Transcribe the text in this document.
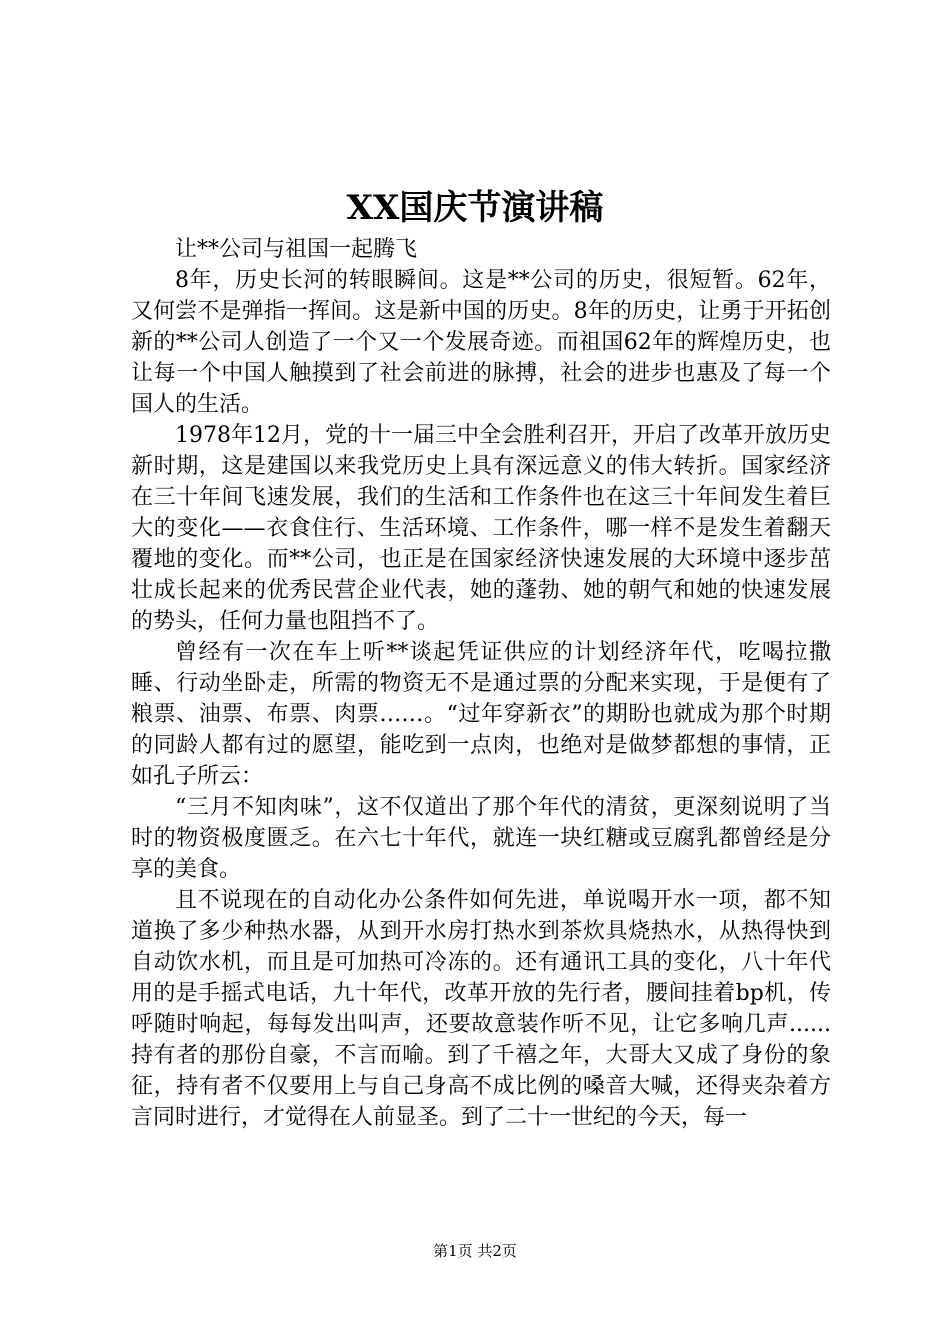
XX国庆节演讲稿

让**公司与祖国一起腾飞

8年，历史长河的转眼瞬间。这是**公司的历史，很短暂。62年，又何尝不是弹指一挥间。这是新中国的历史。8年的历史，让勇于开拓创新的**公司人创造了一个又一个发展奇迹。而祖国62年的辉煌历史，也让每一个中国人触摸到了社会前进的脉搏，社会的进步也惠及了每一个国人的生活。

1978年12月，党的十一届三中全会胜利召开，开启了改革开放历史新时期，这是建国以来我党历史上具有深远意义的伟大转折。国家经济在三十年间飞速发展，我们的生活和工作条件也在这三十年间发生着巨大的变化——衣食住行、生活环境、工作条件，哪一样不是发生着翻天覆地的变化。而**公司，也正是在国家经济快速发展的大环境中逐步茁壮成长起来的优秀民营企业代表，她的蓬勃、她的朝气和她的快速发展的势头，任何力量也阻挡不了。

曾经有一次在车上听**谈起凭证供应的计划经济年代，吃喝拉撒睡、行动坐卧走，所需的物资无不是通过票的分配来实现，于是便有了粮票、油票、布票、肉票……。“过年穿新衣”的期盼也就成为那个时期的同龄人都有过的愿望，能吃到一点肉，也绝对是做梦都想的事情，正如孔子所云：

“三月不知肉味”，这不仅道出了那个年代的清贫，更深刻说明了当时的物资极度匮乏。在六七十年代，就连一块红糖或豆腐乳都曾经是分享的美食。

且不说现在的自动化办公条件如何先进，单说喝开水一项，都不知道换了多少种热水器，从到开水房打热水到茶炊具烧热水，从热得快到自动饮水机，而且是可加热可冷冻的。还有通讯工具的变化，八十年代用的是手摇式电话，九十年代，改革开放的先行者，腰间挂着bp机，传呼随时响起，每每发出叫声，还要故意装作听不见，让它多响几声......持有者的那份自豪，不言而喻。到了千禧之年，大哥大又成了身份的象征，持有者不仅要用上与自己身高不成比例的嗓音大喊，还得夹杂着方言同时进行，才觉得在人前显圣。到了二十一世纪的今天，每一

第1页 共2页
